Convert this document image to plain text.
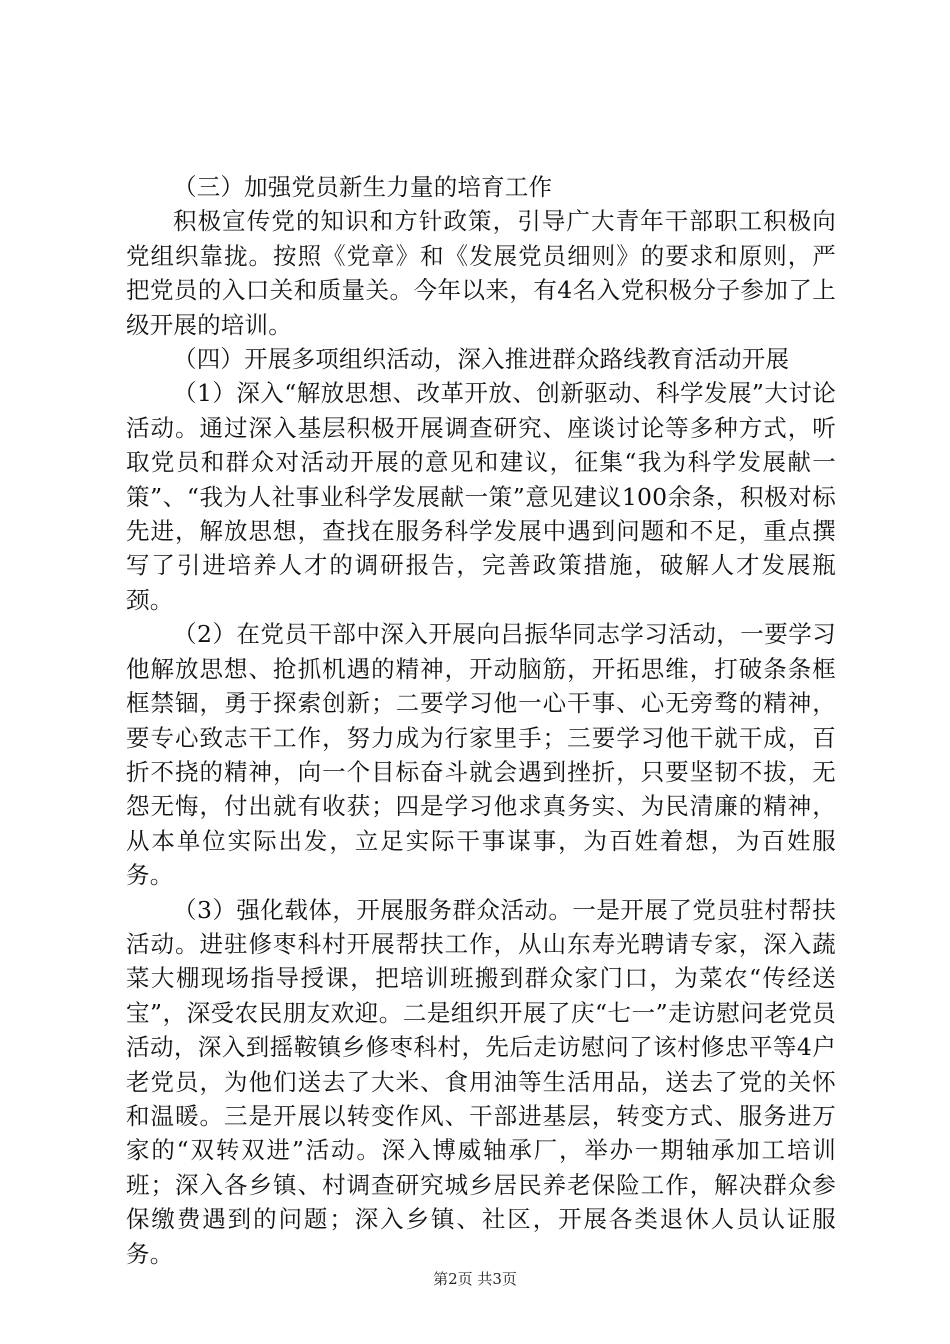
（三）加强党员新生力量的培育工作

积极宣传党的知识和方针政策，引导广大青年干部职工积极向党组织靠拢。按照《党章》和《发展党员细则》的要求和原则，严把党员的入口关和质量关。今年以来，有4名入党积极分子参加了上级开展的培训。

（四）开展多项组织活动，深入推进群众路线教育活动开展

（1）深入“解放思想、改革开放、创新驱动、科学发展”大讨论活动。通过深入基层积极开展调查研究、座谈讨论等多种方式，听取党员和群众对活动开展的意见和建议，征集“我为科学发展献一策”、“我为人社事业科学发展献一策”意见建议100余条，积极对标先进，解放思想，查找在服务科学发展中遇到问题和不足，重点撰写了引进培养人才的调研报告，完善政策措施，破解人才发展瓶颈。

（2）在党员干部中深入开展向吕振华同志学习活动，一要学习他解放思想、抢抓机遇的精神，开动脑筋，开拓思维，打破条条框框禁锢，勇于探索创新；二要学习他一心干事、心无旁骛的精神，要专心致志干工作，努力成为行家里手；三要学习他干就干成，百折不挠的精神，向一个目标奋斗就会遇到挫折，只要坚韧不拔，无怨无悔，付出就有收获；四是学习他求真务实、为民清廉的精神，从本单位实际出发，立足实际干事谋事，为百姓着想，为百姓服务。

（3）强化载体，开展服务群众活动。一是开展了党员驻村帮扶活动。进驻修枣科村开展帮扶工作，从山东寿光聘请专家，深入蔬菜大棚现场指导授课，把培训班搬到群众家门口，为菜农“传经送宝”，深受农民朋友欢迎。二是组织开展了庆“七一”走访慰问老党员活动，深入到摇鞍镇乡修枣科村，先后走访慰问了该村修忠平等4户老党员，为他们送去了大米、食用油等生活用品，送去了党的关怀和温暖。三是开展以转变作风、干部进基层，转变方式、服务进万家的“双转双进”活动。深入博威轴承厂，举办一期轴承加工培训班；深入各乡镇、村调查研究城乡居民养老保险工作，解决群众参保缴费遇到的问题；深入乡镇、社区，开展各类退休人员认证服务。

第2页 共3页
